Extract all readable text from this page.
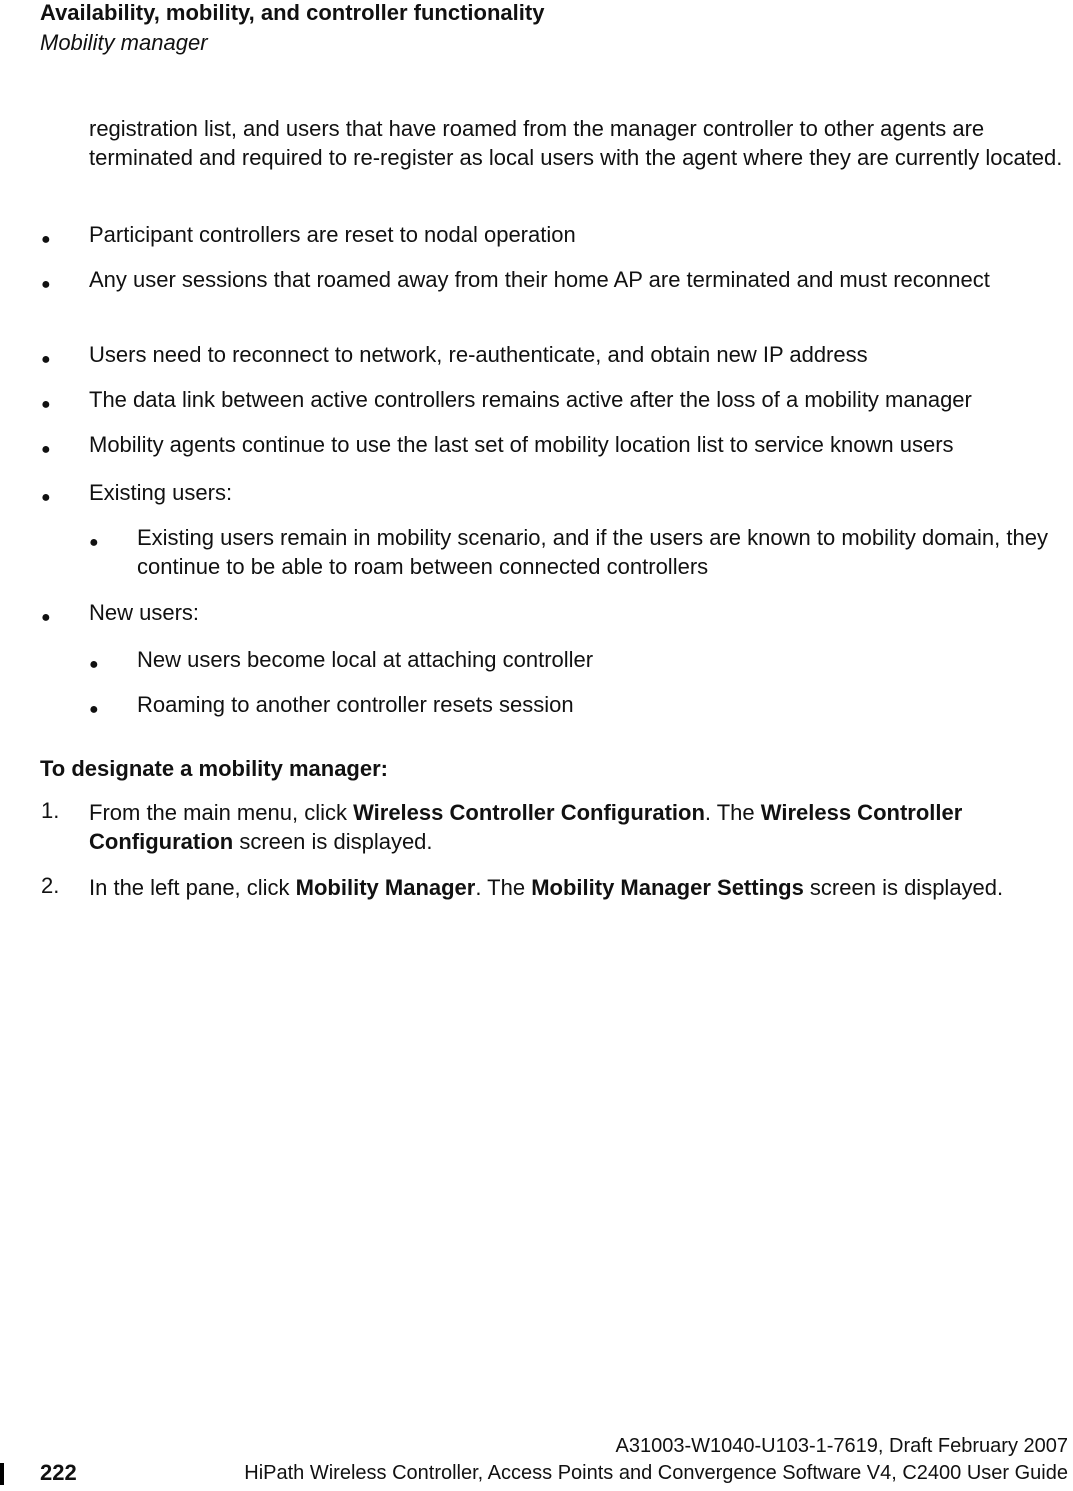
Availability, mobility, and controller functionality
Mobility manager
registration list, and users that have roamed from the manager controller to other agents are terminated and required to re-register as local users with the agent where they are currently located.
● Participant controllers are reset to nodal operation
● Any user sessions that roamed away from their home AP are terminated and must reconnect
● Users need to reconnect to network, re-authenticate, and obtain new IP address
● The data link between active controllers remains active after the loss of a mobility manager
● Mobility agents continue to use the last set of mobility location list to service known users
● Existing users:
● Existing users remain in mobility scenario, and if the users are known to mobility domain, they continue to be able to roam between connected controllers
● New users:
● New users become local at attaching controller
● Roaming to another controller resets session
To designate a mobility manager:
1. From the main menu, click Wireless Controller Configuration. The Wireless Controller Configuration screen is displayed.
2. In the left pane, click Mobility Manager. The Mobility Manager Settings screen is displayed.
222
A31003-W1040-U103-1-7619, Draft February 2007
HiPath Wireless Controller, Access Points and Convergence Software V4, C2400 User Guide
